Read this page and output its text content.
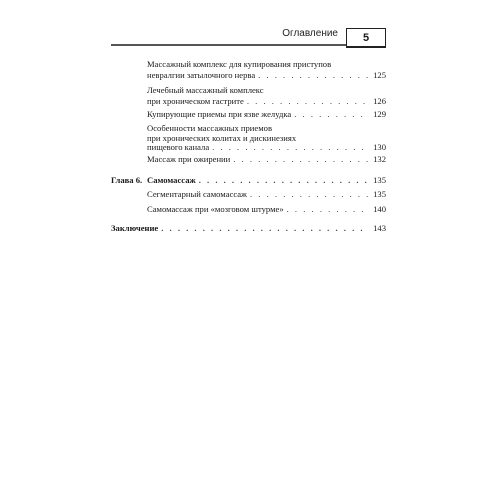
Оглавление	5
Массажный комплекс для купирования приступов
невралгии затылочного нерва . . .	125
Лечебный массажный комплекс
при хроническом гастрите . . .	126
Купирующие приемы при язве желудка . . .	129
Особенности массажных приемов
при хронических колитах и дискинезиях
пищевого канала . . .	130
Массаж при ожирении . . .	132
Глава 6. Самомассаж . . .	135
Сегментарный самомассаж . . .	135
Самомассаж при «мозговом штурме» . . .	140
Заключение . . .	143
